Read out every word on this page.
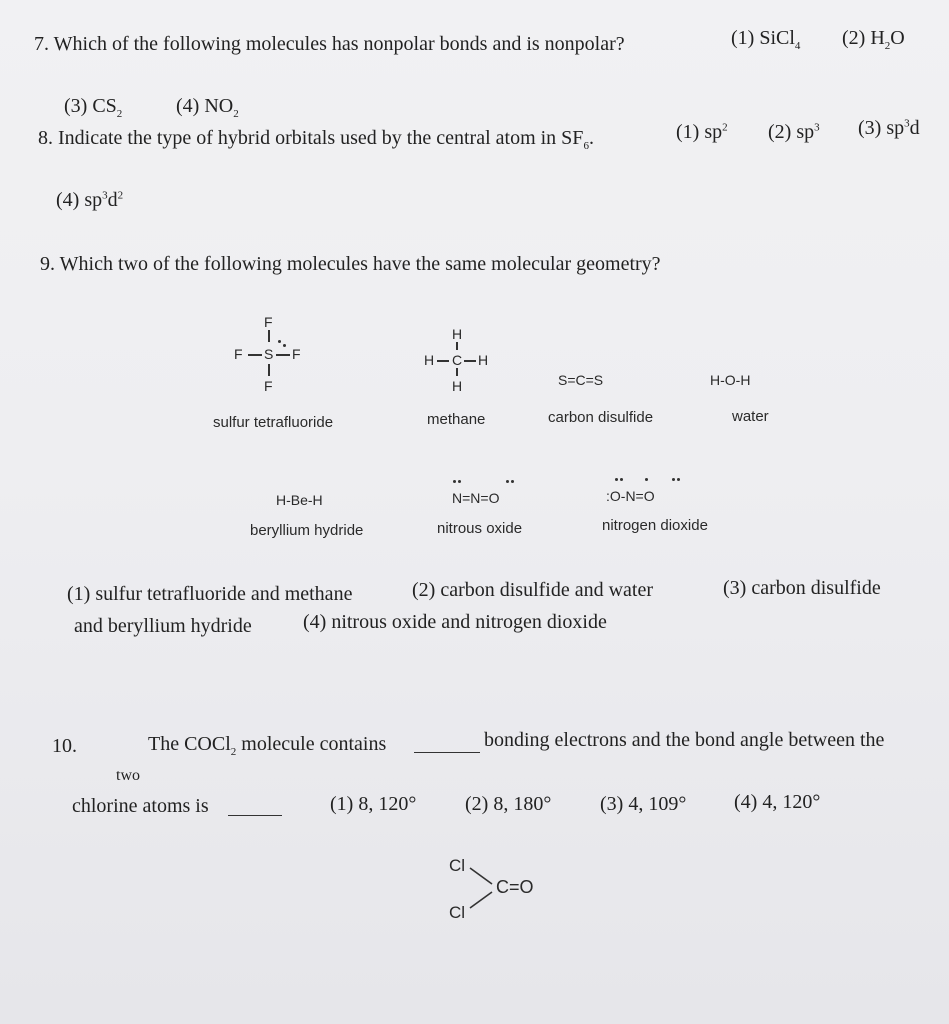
7. Which of the following molecules has nonpolar bonds and is nonpolar?	(1) SiCl$_4$ (2) $H_2O$
(3) $CS_2$	(4) $NO_2$
8. Indicate the type of hybrid orbitals used by the central atom in $SF_6$.	(1) $sp^2$ (2) $sp^3$ (3) $sp^3d$
(4) $sp^3d^2$
9. Which two of the following molecules have the same molecular geometry?
F
F S F
F
sulfur tetrafluoride
H
H C H
H
methane
S=C=S
carbon disulfide
H-O-H
water
H-Be-H
beryllium hydride
N=N=O
nitrous oxide
:O-N=O
nitrogen dioxide
(1) sulfur tetrafluoride and methane	(2) carbon disulfide and water	(3) carbon disulfide
and beryllium hydride	(4) nitrous oxide and nitrogen dioxide
10.	The COCl$_2$ molecule contains	bonding electrons and the bond angle between the
two
chlorine atoms is	(1) 8, 120° (2) 8, 180° (3) 4, 109° (4) 4, 120°
Cl
Cl
C=O
